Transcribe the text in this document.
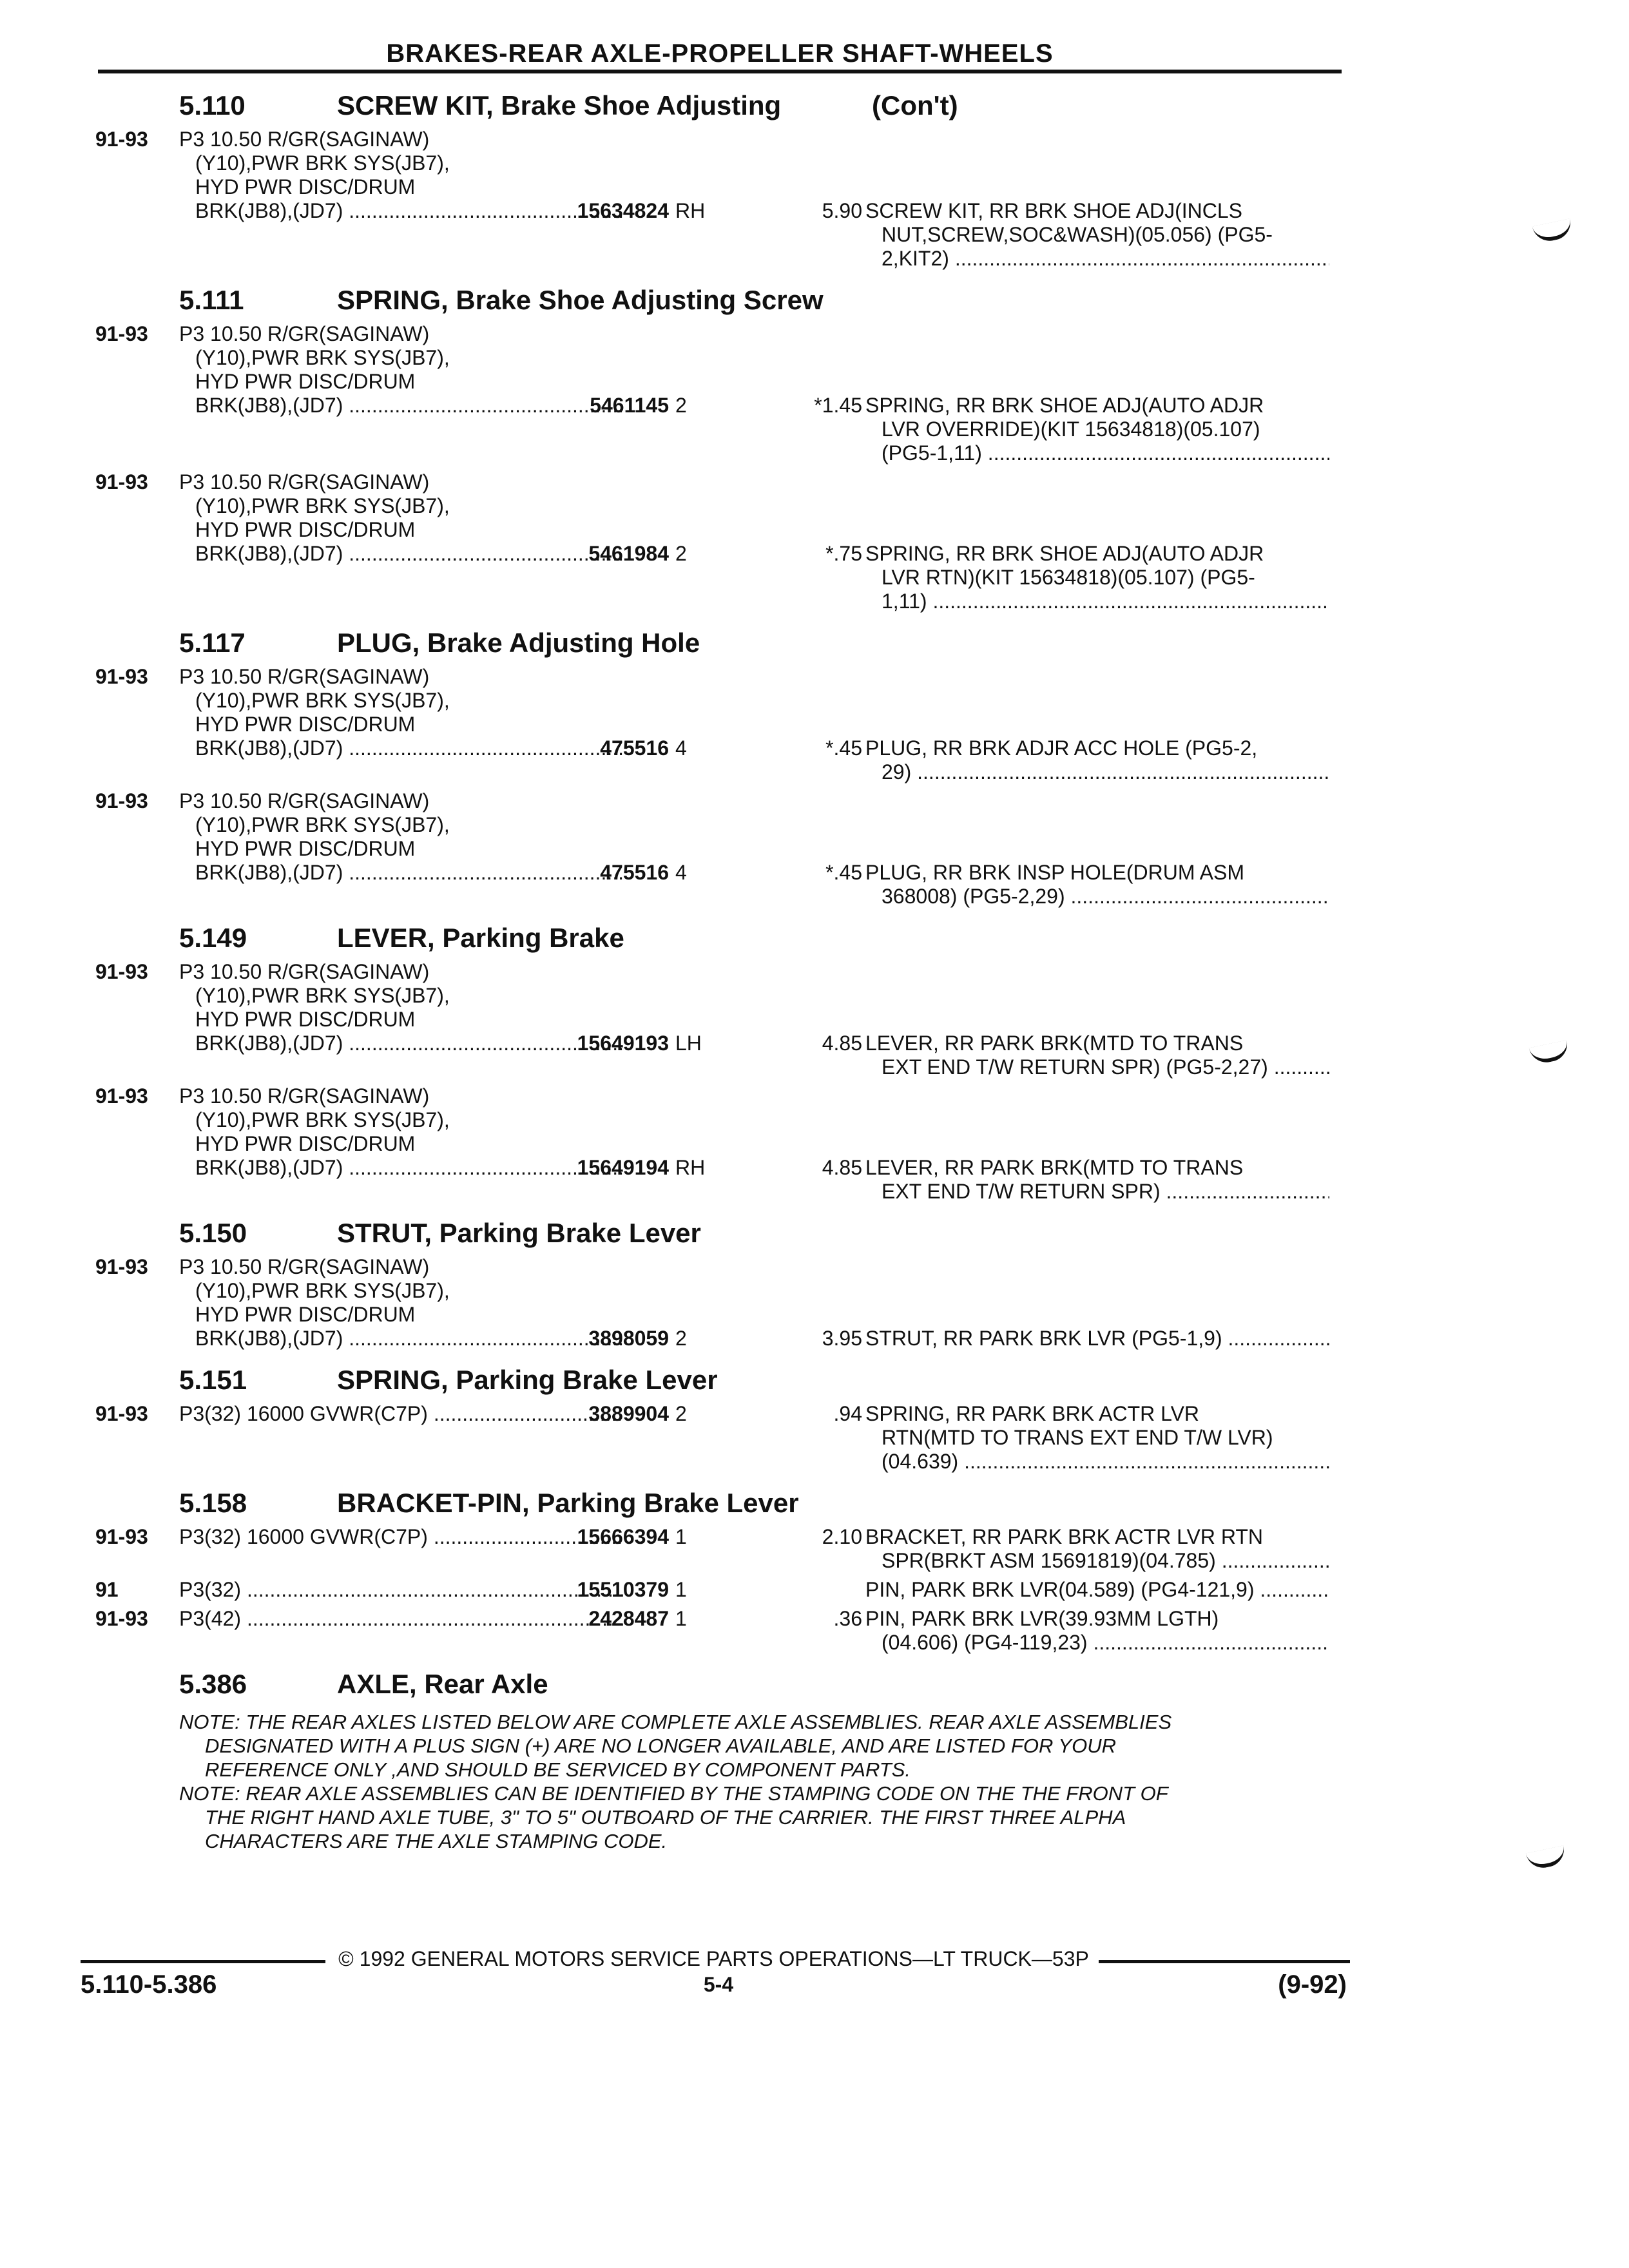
BRAKES-REAR AXLE-PROPELLER SHAFT-WHEELS
5.110	SCREW KIT, Brake Shoe Adjusting	(Con't)
91-93 P3 10.50 R/GR(SAGINAW)
(Y10),PWR BRK SYS(JB7),
HYD PWR DISC/DRUM
BRK(JB8),(JD7) .....	15634824 RH	5.90 SCREW KIT, RR BRK SHOE ADJ(INCLS
NUT,SCREW,SOC&WASH)(05.056) (PG5-
2,KIT2) .....
5.111	SPRING, Brake Shoe Adjusting Screw
91-93 P3 10.50 R/GR(SAGINAW)
(Y10),PWR BRK SYS(JB7),
HYD PWR DISC/DRUM
BRK(JB8),(JD7) .....	5461145 2	*1.45 SPRING, RR BRK SHOE ADJ(AUTO ADJR
LVR OVERRIDE)(KIT 15634818)(05.107)
(PG5-1,11) .....
91-93 P3 10.50 R/GR(SAGINAW)
(Y10),PWR BRK SYS(JB7),
HYD PWR DISC/DRUM
BRK(JB8),(JD7) .....	5461984 2	*.75 SPRING, RR BRK SHOE ADJ(AUTO ADJR
LVR RTN)(KIT 15634818)(05.107) (PG5-
1,11) .....
5.117	PLUG, Brake Adjusting Hole
91-93 P3 10.50 R/GR(SAGINAW)
(Y10),PWR BRK SYS(JB7),
HYD PWR DISC/DRUM
BRK(JB8),(JD7) .....	475516 4	*.45 PLUG, RR BRK ADJR ACC HOLE (PG5-2,
29) .....
91-93 P3 10.50 R/GR(SAGINAW)
(Y10),PWR BRK SYS(JB7),
HYD PWR DISC/DRUM
BRK(JB8),(JD7) .....	475516 4	*.45 PLUG, RR BRK INSP HOLE(DRUM ASM
368008) (PG5-2,29) .....
5.149	LEVER, Parking Brake
91-93 P3 10.50 R/GR(SAGINAW)
(Y10),PWR BRK SYS(JB7),
HYD PWR DISC/DRUM
BRK(JB8),(JD7) .....	15649193 LH	4.85 LEVER, RR PARK BRK(MTD TO TRANS
EXT END T/W RETURN SPR) (PG5-2,27) .....
91-93 P3 10.50 R/GR(SAGINAW)
(Y10),PWR BRK SYS(JB7),
HYD PWR DISC/DRUM
BRK(JB8),(JD7) .....	15649194 RH	4.85 LEVER, RR PARK BRK(MTD TO TRANS
EXT END T/W RETURN SPR) .....
5.150	STRUT, Parking Brake Lever
91-93 P3 10.50 R/GR(SAGINAW)
(Y10),PWR BRK SYS(JB7),
HYD PWR DISC/DRUM
BRK(JB8),(JD7) .....	3898059 2	3.95 STRUT, RR PARK BRK LVR (PG5-1,9) .....
5.151	SPRING, Parking Brake Lever
91-93 P3(32) 16000 GVWR(C7P) .....	3889904 2	.94 SPRING, RR PARK BRK ACTR LVR
RTN(MTD TO TRANS EXT END T/W LVR)
(04.639) .....
5.158	BRACKET-PIN, Parking Brake Lever
91-93 P3(32) 16000 GVWR(C7P) .....	15666394 1	2.10 BRACKET, RR PARK BRK ACTR LVR RTN
SPR(BRKT ASM 15691819)(04.785) .....
91	P3(32) .....	15510379 1	PIN, PARK BRK LVR(04.589) (PG4-121,9) .....
91-93 P3(42) .....	2428487 1	.36 PIN, PARK BRK LVR(39.93MM LGTH)
(04.606) (PG4-119,23) .....
5.386	AXLE, Rear Axle

NOTE: THE REAR AXLES LISTED BELOW ARE COMPLETE AXLE ASSEMBLIES. REAR AXLE ASSEMBLIES
DESIGNATED WITH A PLUS SIGN (+) ARE NO LONGER AVAILABLE, AND ARE LISTED FOR YOUR
REFERENCE ONLY ,AND SHOULD BE SERVICED BY COMPONENT PARTS.

NOTE: REAR AXLE ASSEMBLIES CAN BE IDENTIFIED BY THE STAMPING CODE ON THE THE FRONT OF
THE RIGHT HAND AXLE TUBE, 3" TO 5" OUTBOARD OF THE CARRIER. THE FIRST THREE ALPHA
CHARACTERS ARE THE AXLE STAMPING CODE.

© 1992 GENERAL MOTORS SERVICE PARTS OPERATIONS—LT TRUCK—53P
5.110-5.386	5-4	(9-92)
